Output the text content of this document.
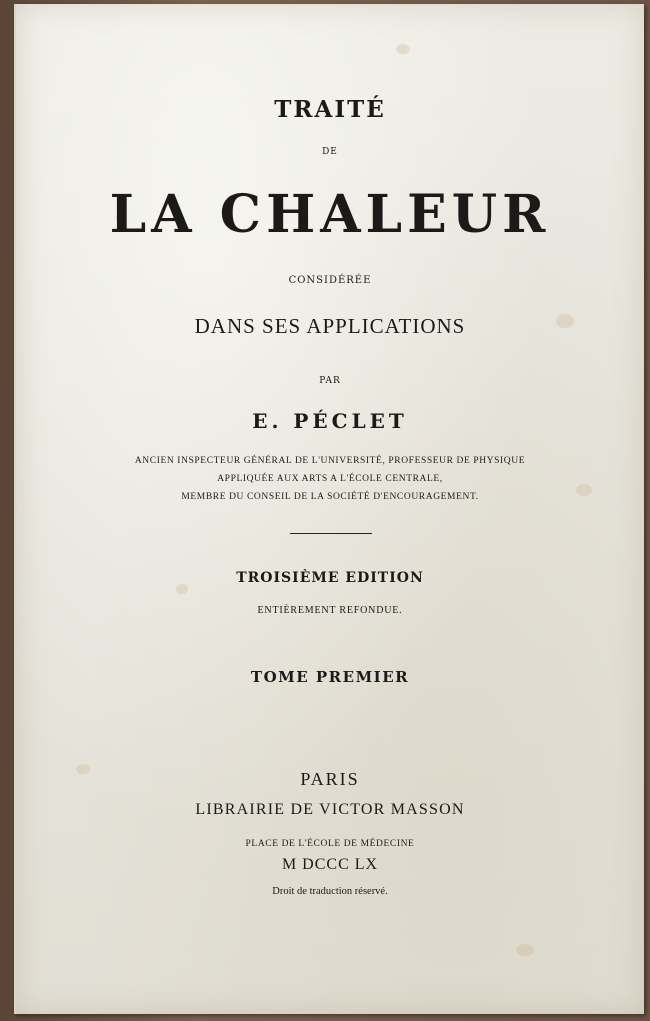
TRAITÉ

DE

LA CHALEUR

CONSIDÉRÉE

DANS SES APPLICATIONS

PAR

E. PÉCLET

ANCIEN INSPECTEUR GÉNÉRAL DE L'UNIVERSITÉ, PROFESSEUR DE PHYSIQUE

APPLIQUÉE AUX ARTS A L'ÉCOLE CENTRALE,

MEMBRE DU CONSEIL DE LA SOCIÉTÉ D'ENCOURAGEMENT.

TROISIÈME EDITION

ENTIÈREMENT REFONDUE.

TOME PREMIER

PARIS

LIBRAIRIE DE VICTOR MASSON

PLACE DE L'ÉCOLE DE MÉDECINE

M DCCC LX

Droit de traduction réservé.
